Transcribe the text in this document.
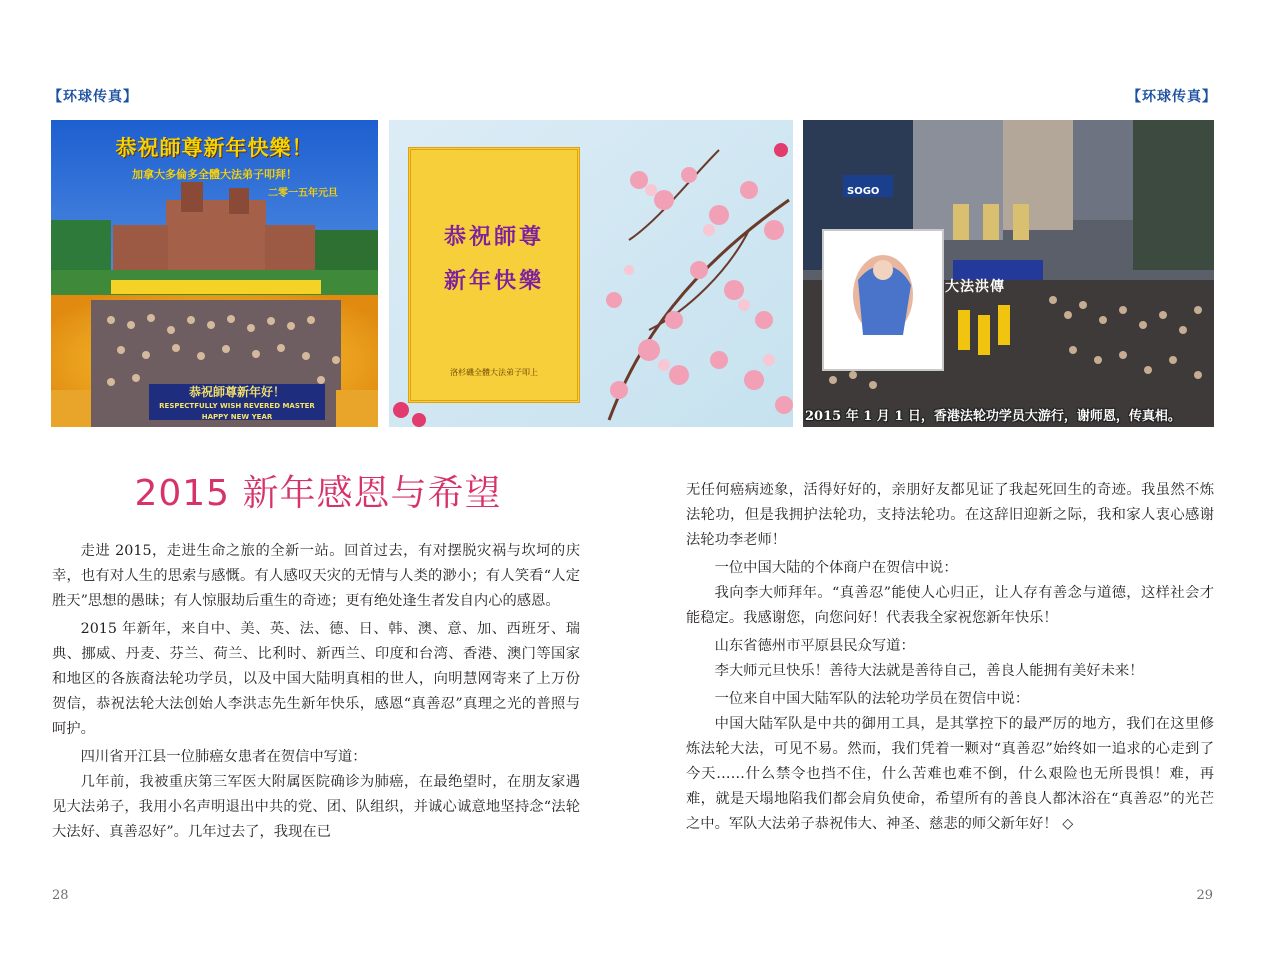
【环球传真】	【环球传真】
恭祝師尊新年快樂！
加拿大多倫多全體大法弟子叩拜！
二零一五年元旦
恭祝師尊新年好！
RESPECTFULLY WISH REVERED MASTER HAPPY NEW YEAR
恭祝師尊
新年快樂
洛杉磯全體大法弟子叩上
SOGO
大法洪傳
2015 年 1 月 1 日，香港法轮功学员大游行，谢师恩，传真相。
2015 新年感恩与希望

走进 2015，走进生命之旅的全新一站。回首过去，有对摆脱灾祸与坎坷的庆幸，也有对人生的思索与感慨。有人感叹天灾的无情与人类的渺小；有人笑看“人定胜天”思想的愚昧；有人惊服劫后重生的奇迹；更有绝处逢生者发自内心的感恩。

2015 年新年，来自中、美、英、法、德、日、韩、澳、意、加、西班牙、瑞典、挪威、丹麦、芬兰、荷兰、比利时、新西兰、印度和台湾、香港、澳门等国家和地区的各族裔法轮功学员，以及中国大陆明真相的世人，向明慧网寄来了上万份贺信，恭祝法轮大法创始人李洪志先生新年快乐，感恩“真善忍”真理之光的普照与呵护。

四川省开江县一位肺癌女患者在贺信中写道：

几年前，我被重庆第三军医大附属医院确诊为肺癌，在最绝望时，在朋友家遇见大法弟子，我用小名声明退出中共的党、团、队组织，并诚心诚意地坚持念“法轮大法好、真善忍好”。几年过去了，我现在已

无任何癌病迹象，活得好好的，亲朋好友都见证了我起死回生的奇迹。我虽然不炼法轮功，但是我拥护法轮功，支持法轮功。在这辞旧迎新之际，我和家人衷心感谢法轮功李老师！

一位中国大陆的个体商户在贺信中说：

我向李大师拜年。“真善忍”能使人心归正，让人存有善念与道德，这样社会才能稳定。我感谢您，向您问好！代表我全家祝您新年快乐！

山东省德州市平原县民众写道：

李大师元旦快乐！善待大法就是善待自己，善良人能拥有美好未来！

一位来自中国大陆军队的法轮功学员在贺信中说：

中国大陆军队是中共的御用工具，是其掌控下的最严厉的地方，我们在这里修炼法轮大法，可见不易。然而，我们凭着一颗对“真善忍”始终如一追求的心走到了今天……什么禁令也挡不住，什么苦难也难不倒，什么艰险也无所畏惧！难，再难，就是天塌地陷我们都会肩负使命，希望所有的善良人都沐浴在“真善忍”的光芒之中。军队大法弟子恭祝伟大、神圣、慈悲的师父新年好！ ◇

28	29
